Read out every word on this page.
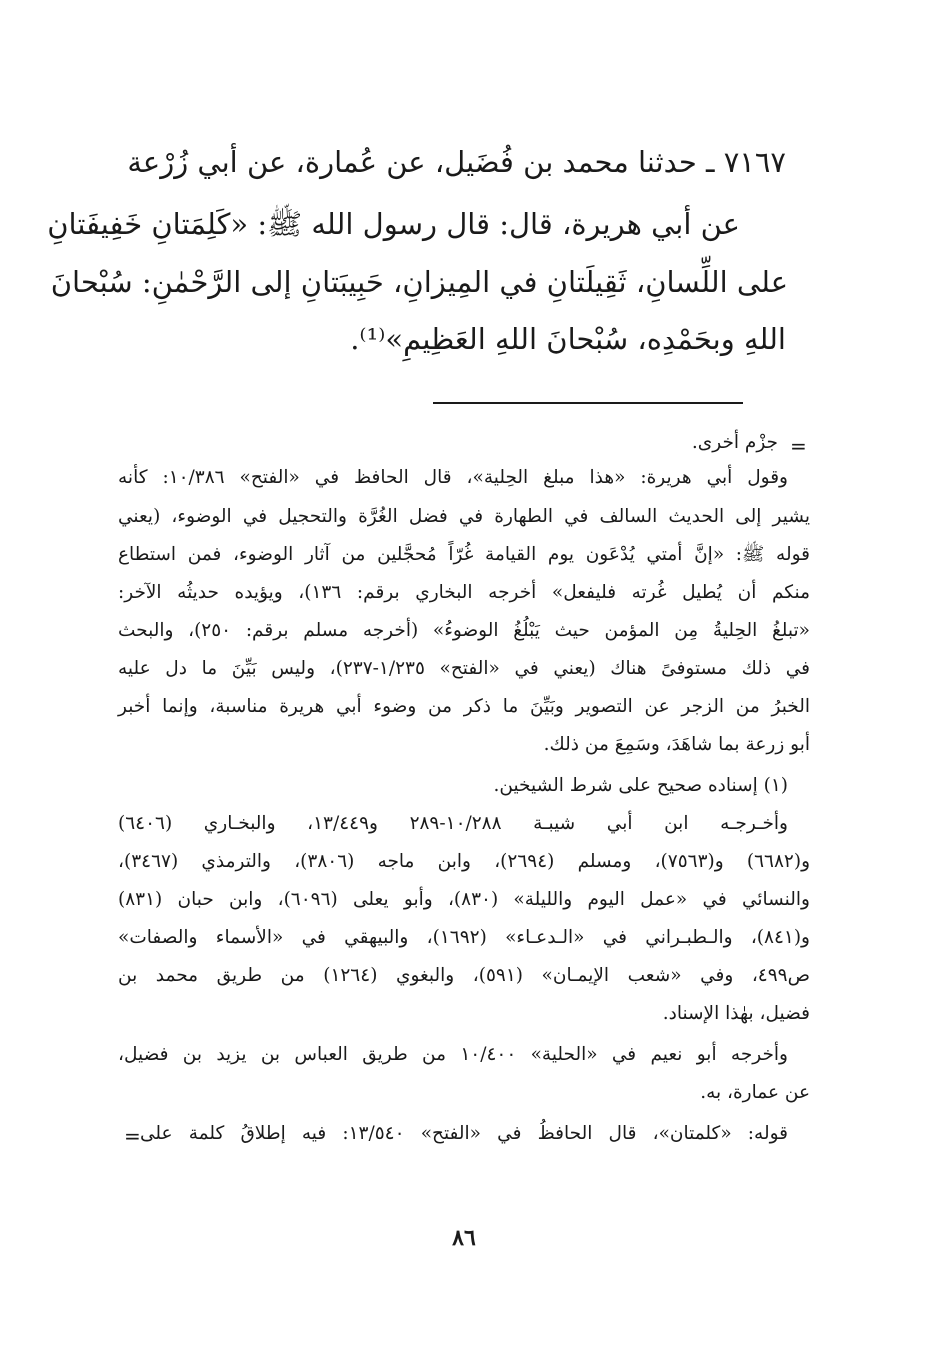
٧١٦٧ ـ حدثنا محمد بن فُضَيل، عن عُمارة، عن أبي زُرْعة
عن أبي هريرة، قال: قال رسول الله ﷺ: «كَلِمَتانِ خَفِيفَتانِ
على اللِّسانِ، ثَقِيلَتانِ في المِيزانِ، حَبِيبَتانِ إلى الرَّحْمٰنِ: سُبْحانَ
اللهِ وبحَمْدِه، سُبْحانَ اللهِ العَظِيمِ»⁽¹⁾.
=
جزْم أخرى.
وقول أبي هريرة: «هذا مبلغ الحِلية»، قال الحافظ في «الفتح» ١٠/٣٨٦: كأنه
يشير إلى الحديث السالف في الطهارة في فضل الغُرَّة والتحجيل في الوضوء، (يعني
قوله ﷺ: «إنَّ أمتي يُدْعَون يوم القيامة غُرّاً مُحجَّلين من آثار الوضوء، فمن استطاع
منكم أن يُطيل غُرته فليفعل» أخرجه البخاري برقم: ١٣٦)، ويؤيده حديثُه الآخر:
«تبلغُ الحِليةُ مِن المؤمن حيث يَبْلُغُ الوضوءُ» (أخرجه مسلم برقم: ٢٥٠)، والبحث
في ذلك مستوفىً هناك (يعني في «الفتح» ١/٢٣٥-٢٣٧)، وليس بَيِّنَ ما دل عليه
الخبرُ من الزجر عن التصوير وبَيِّنَ ما ذكر من وضوء أبي هريرة مناسبة، وإنما أخبر
أبو زرعة بما شاهَدَ، وسَمِعَ من ذلك.
(١) إسناده صحيح على شرط الشيخين.
وأخـرجـه ابن أبي شيبـة ١٠/٢٨٨-٢٨٩ و١٣/٤٤٩، والبخـاري (٦٤٠٦)
و(٦٦٨٢) و(٧٥٦٣)، ومسلم (٢٦٩٤)، وابن ماجه (٣٨٠٦)، والترمذي (٣٤٦٧)،
والنسائي في «عمل اليوم والليلة» (٨٣٠)، وأبو يعلى (٦٠٩٦)، وابن حبان (٨٣١)
و(٨٤١)، والـطبـراني في «الـدعـاء» (١٦٩٢)، والبيهقي في «الأسماء والصفات»
ص٤٩٩، وفي «شعب الإيمـان» (٥٩١)، والبغوي (١٢٦٤) من طريق محمد بن
فضيل، بهٰذا الإسناد.
وأخرجه أبو نعيم في «الحلية» ١٠/٤٠٠ من طريق العباس بن يزيد بن فضيل،
عن عمارة، به.
قوله: «كلمتان»، قال الحافظُ في «الفتح» ١٣/٥٤٠: فيه إطلاقُ كلمة على
=
٨٦
